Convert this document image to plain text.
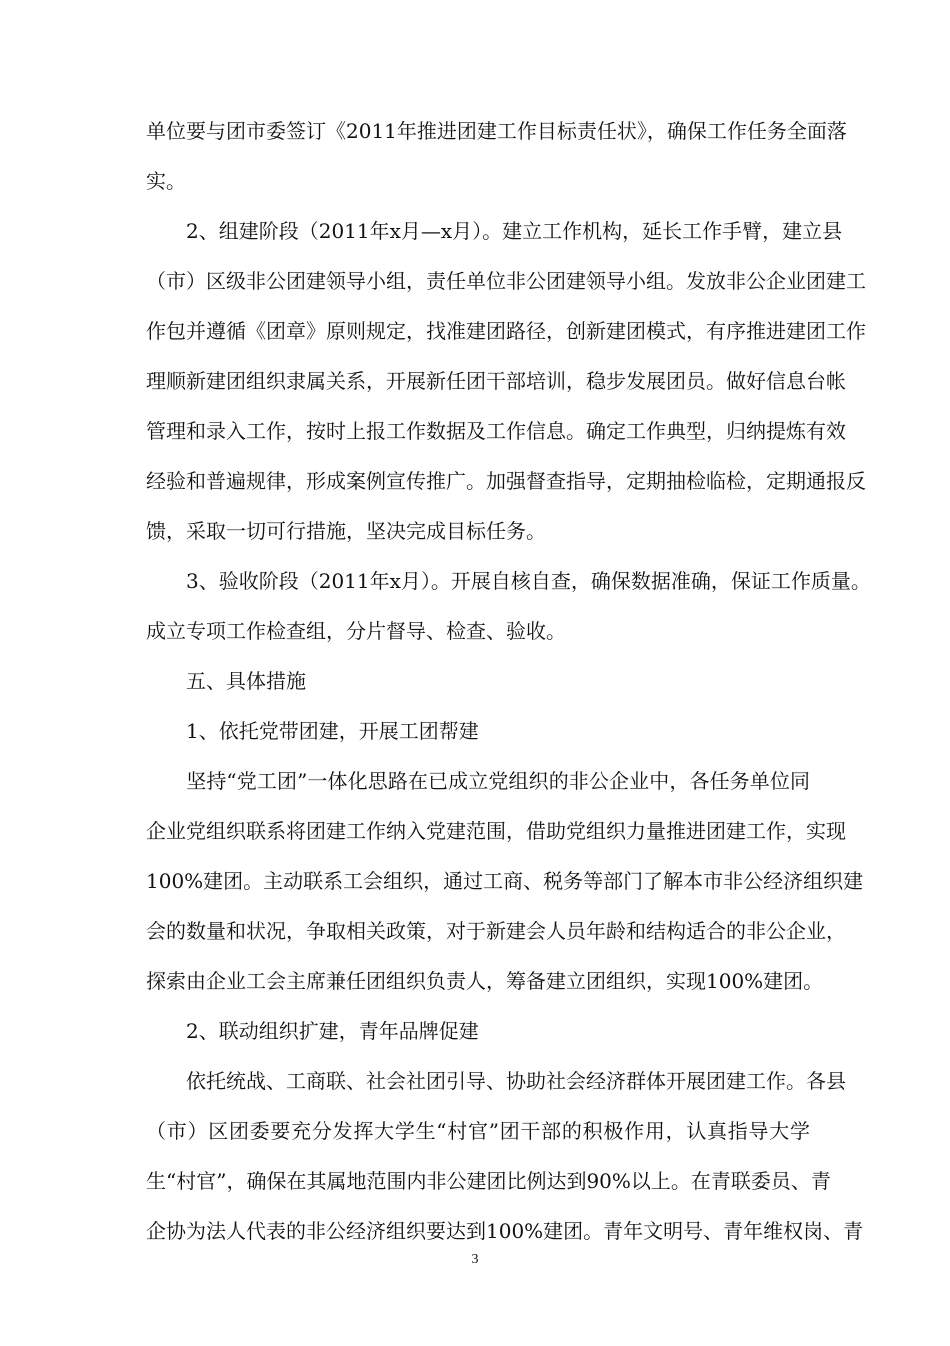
单位要与团市委签订《2011年推进团建工作目标责任状》，确保工作任务全面落
实。
　　2、组建阶段（2011年x月—x月）。建立工作机构，延长工作手臂，建立县
（市）区级非公团建领导小组，责任单位非公团建领导小组。发放非公企业团建工
作包并遵循《团章》原则规定，找准建团路径，创新建团模式，有序推进建团工作
理顺新建团组织隶属关系，开展新任团干部培训，稳步发展团员。做好信息台帐
管理和录入工作，按时上报工作数据及工作信息。确定工作典型，归纳提炼有效
经验和普遍规律，形成案例宣传推广。加强督查指导，定期抽检临检，定期通报反
馈，采取一切可行措施，坚决完成目标任务。
　　3、验收阶段（2011年x月）。开展自核自查，确保数据准确，保证工作质量。
成立专项工作检查组，分片督导、检查、验收。
　　五、具体措施
　　1、依托党带团建，开展工团帮建
　　坚持“党工团”一体化思路在已成立党组织的非公企业中，各任务单位同
企业党组织联系将团建工作纳入党建范围，借助党组织力量推进团建工作，实现
100%建团。主动联系工会组织，通过工商、税务等部门了解本市非公经济组织建
会的数量和状况，争取相关政策，对于新建会人员年龄和结构适合的非公企业，
探索由企业工会主席兼任团组织负责人，筹备建立团组织，实现100%建团。
　　2、联动组织扩建，青年品牌促建
　　依托统战、工商联、社会社团引导、协助社会经济群体开展团建工作。各县
（市）区团委要充分发挥大学生“村官”团干部的积极作用，认真指导大学
生“村官”，确保在其属地范围内非公建团比例达到90%以上。在青联委员、青
企协为法人代表的非公经济组织要达到100%建团。青年文明号、青年维权岗、青
3
